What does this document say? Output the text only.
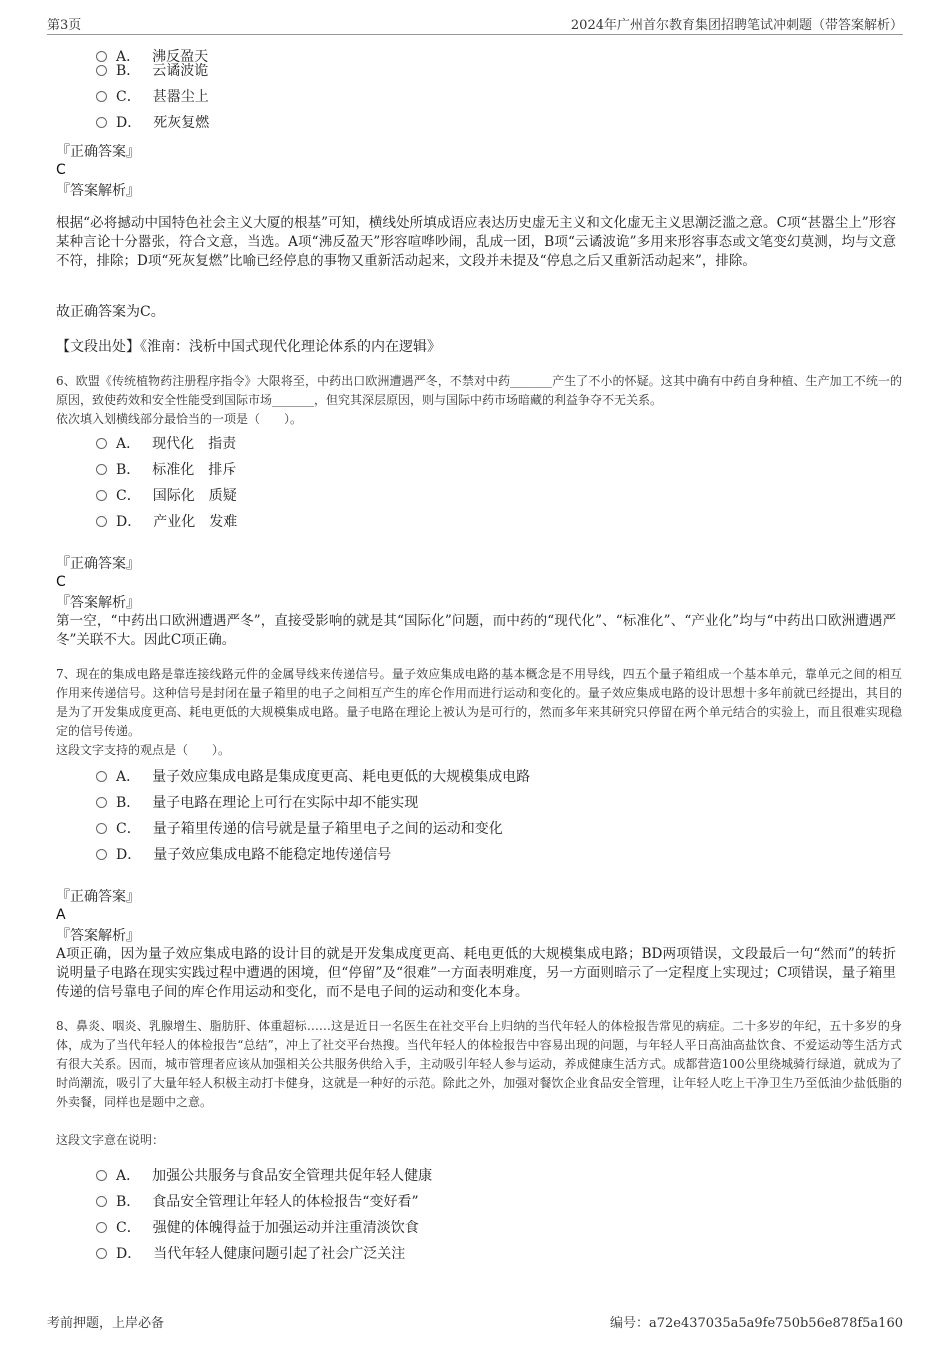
第3页	2024年广州首尔教育集团招聘笔试冲刺题（带答案解析）
A． 沸反盈天
B． 云谲波诡
C． 甚嚣尘上
D． 死灰复燃
『正确答案』
C
『答案解析』
根据“必将撼动中国特色社会主义大厦的根基”可知，横线处所填成语应表达历史虚无主义和文化虚无主义思潮泛滥之意。C项“甚嚣尘上”形容某种言论十分嚣张，符合文意，当选。A项“沸反盈天”形容喧哗吵闹，乱成一团，B项“云谲波诡”多用来形容事态或文笔变幻莫测，均与文意不符，排除；D项“死灰复燃”比喻已经停息的事物又重新活动起来，文段并未提及“停息之后又重新活动起来”，排除。
故正确答案为C。
【文段出处】《淮南：浅析中国式现代化理论体系的内在逻辑》
6、欧盟《传统植物药注册程序指令》大限将至，中药出口欧洲遭遇严冬，不禁对中药_______产生了不小的怀疑。这其中确有中药自身种植、生产加工不统一的原因，致使药效和安全性能受到国际市场_______，但究其深层原因，则与国际中药市场暗藏的利益争夺不无关系。
依次填入划横线部分最恰当的一项是（　　）。
A． 现代化　指责
B． 标准化　排斥
C． 国际化　质疑
D． 产业化　发难
『正确答案』
C
『答案解析』
第一空，“中药出口欧洲遭遇严冬”，直接受影响的就是其“国际化”问题，而中药的“现代化”、“标准化”、“产业化”均与“中药出口欧洲遭遇严冬”关联不大。因此C项正确。
7、现在的集成电路是靠连接线路元件的金属导线来传递信号。量子效应集成电路的基本概念是不用导线，四五个量子箱组成一个基本单元，靠单元之间的相互作用来传递信号。这种信号是封闭在量子箱里的电子之间相互产生的库仑作用而进行运动和变化的。量子效应集成电路的设计思想十多年前就已经提出，其目的是为了开发集成度更高、耗电更低的大规模集成电路。量子电路在理论上被认为是可行的，然而多年来其研究只停留在两个单元结合的实验上，而且很难实现稳定的信号传递。
这段文字支持的观点是（　　）。
A． 量子效应集成电路是集成度更高、耗电更低的大规模集成电路
B． 量子电路在理论上可行在实际中却不能实现
C． 量子箱里传递的信号就是量子箱里电子之间的运动和变化
D． 量子效应集成电路不能稳定地传递信号
『正确答案』
A
『答案解析』
A项正确，因为量子效应集成电路的设计目的就是开发集成度更高、耗电更低的大规模集成电路；BD两项错误，文段最后一句“然而”的转折说明量子电路在现实实践过程中遭遇的困境，但“停留”及“很难”一方面表明难度，另一方面则暗示了一定程度上实现过；C项错误，量子箱里传递的信号靠电子间的库仑作用运动和变化，而不是电子间的运动和变化本身。
8、鼻炎、咽炎、乳腺增生、脂肪肝、体重超标……这是近日一名医生在社交平台上归纳的当代年轻人的体检报告常见的病症。二十多岁的年纪，五十多岁的身体，成为了当代年轻人的体检报告“总结”，冲上了社交平台热搜。当代年轻人的体检报告中容易出现的问题，与年轻人平日高油高盐饮食、不爱运动等生活方式有很大关系。因而，城市管理者应该从加强相关公共服务供给入手，主动吸引年轻人参与运动，养成健康生活方式。成都营造100公里绕城骑行绿道，就成为了时尚潮流，吸引了大量年轻人积极主动打卡健身，这就是一种好的示范。除此之外，加强对餐饮企业食品安全管理，让年轻人吃上干净卫生乃至低油少盐低脂的外卖餐，同样也是题中之意。
这段文字意在说明：
A． 加强公共服务与食品安全管理共促年轻人健康
B． 食品安全管理让年轻人的体检报告“变好看”
C． 强健的体魄得益于加强运动并注重清淡饮食
D． 当代年轻人健康问题引起了社会广泛关注
考前押题，上岸必备	编号：a72e437035a5a9fe750b56e878f5a160
